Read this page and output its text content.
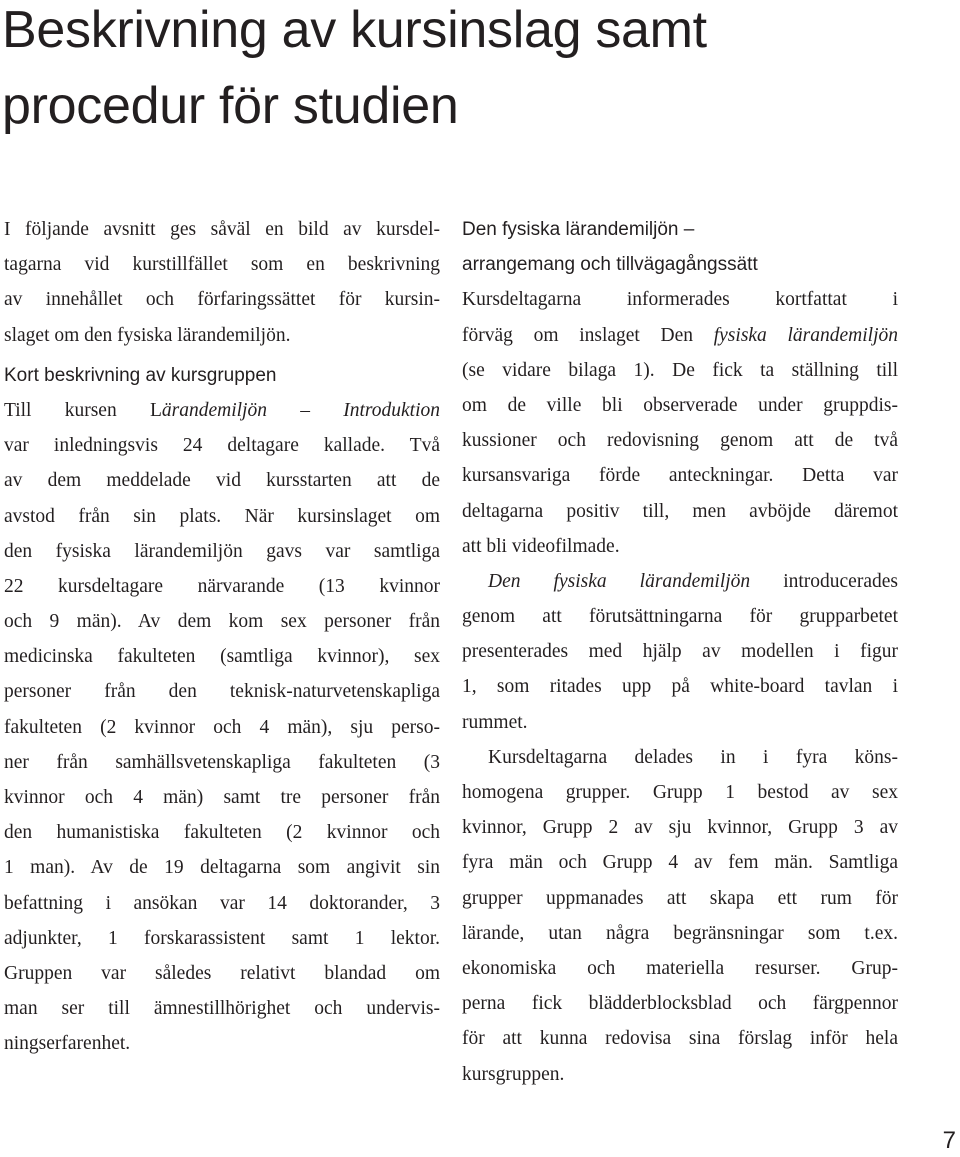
Beskrivning av kursinslag samt
procedur för studien
I följande avsnitt ges såväl en bild av kursdel-
tagarna vid kurstillfället som en beskrivning
av innehållet och förfaringssättet för kursin-
slaget om den fysiska lärandemiljön.
Kort beskrivning av kursgruppen
Till kursen Lärandemiljön – Introduktion
var inledningsvis 24 deltagare kallade. Två
av dem meddelade vid kursstarten att de
avstod från sin plats. När kursinslaget om
den fysiska lärandemiljön gavs var samtliga
22 kursdeltagare närvarande (13 kvinnor
och 9 män). Av dem kom sex personer från
medicinska fakulteten (samtliga kvinnor), sex
personer från den teknisk-naturvetenskapliga
fakulteten (2 kvinnor och 4 män), sju perso-
ner från samhällsvetenskapliga fakulteten (3
kvinnor och 4 män) samt tre personer från
den humanistiska fakulteten (2 kvinnor och
1 man). Av de 19 deltagarna som angivit sin
befattning i ansökan var 14 doktorander, 3
adjunkter, 1 forskarassistent samt 1 lektor.
Gruppen var således relativt blandad om
man ser till ämnestillhörighet och undervis-
ningserfarenhet.
Den fysiska lärandemiljön –
arrangemang och tillvägagångssätt
Kursdeltagarna informerades kortfattat i
förväg om inslaget Den fysiska lärandemiljön
(se vidare bilaga 1). De fick ta ställning till
om de ville bli observerade under gruppdis-
kussioner och redovisning genom att de två
kursansvariga förde anteckningar. Detta var
deltagarna positiv till, men avböjde däremot
att bli videofilmade.
Den fysiska lärandemiljön introducerades
genom att förutsättningarna för grupparbetet
presenterades med hjälp av modellen i figur
1, som ritades upp på white-board tavlan i
rummet.
Kursdeltagarna delades in i fyra köns-
homogena grupper. Grupp 1 bestod av sex
kvinnor, Grupp 2 av sju kvinnor, Grupp 3 av
fyra män och Grupp 4 av fem män. Samtliga
grupper uppmanades att skapa ett rum för
lärande, utan några begränsningar som t.ex.
ekonomiska och materiella resurser. Grup-
perna fick blädderblocksblad och färgpennor
för att kunna redovisa sina förslag inför hela
kursgruppen.
7
